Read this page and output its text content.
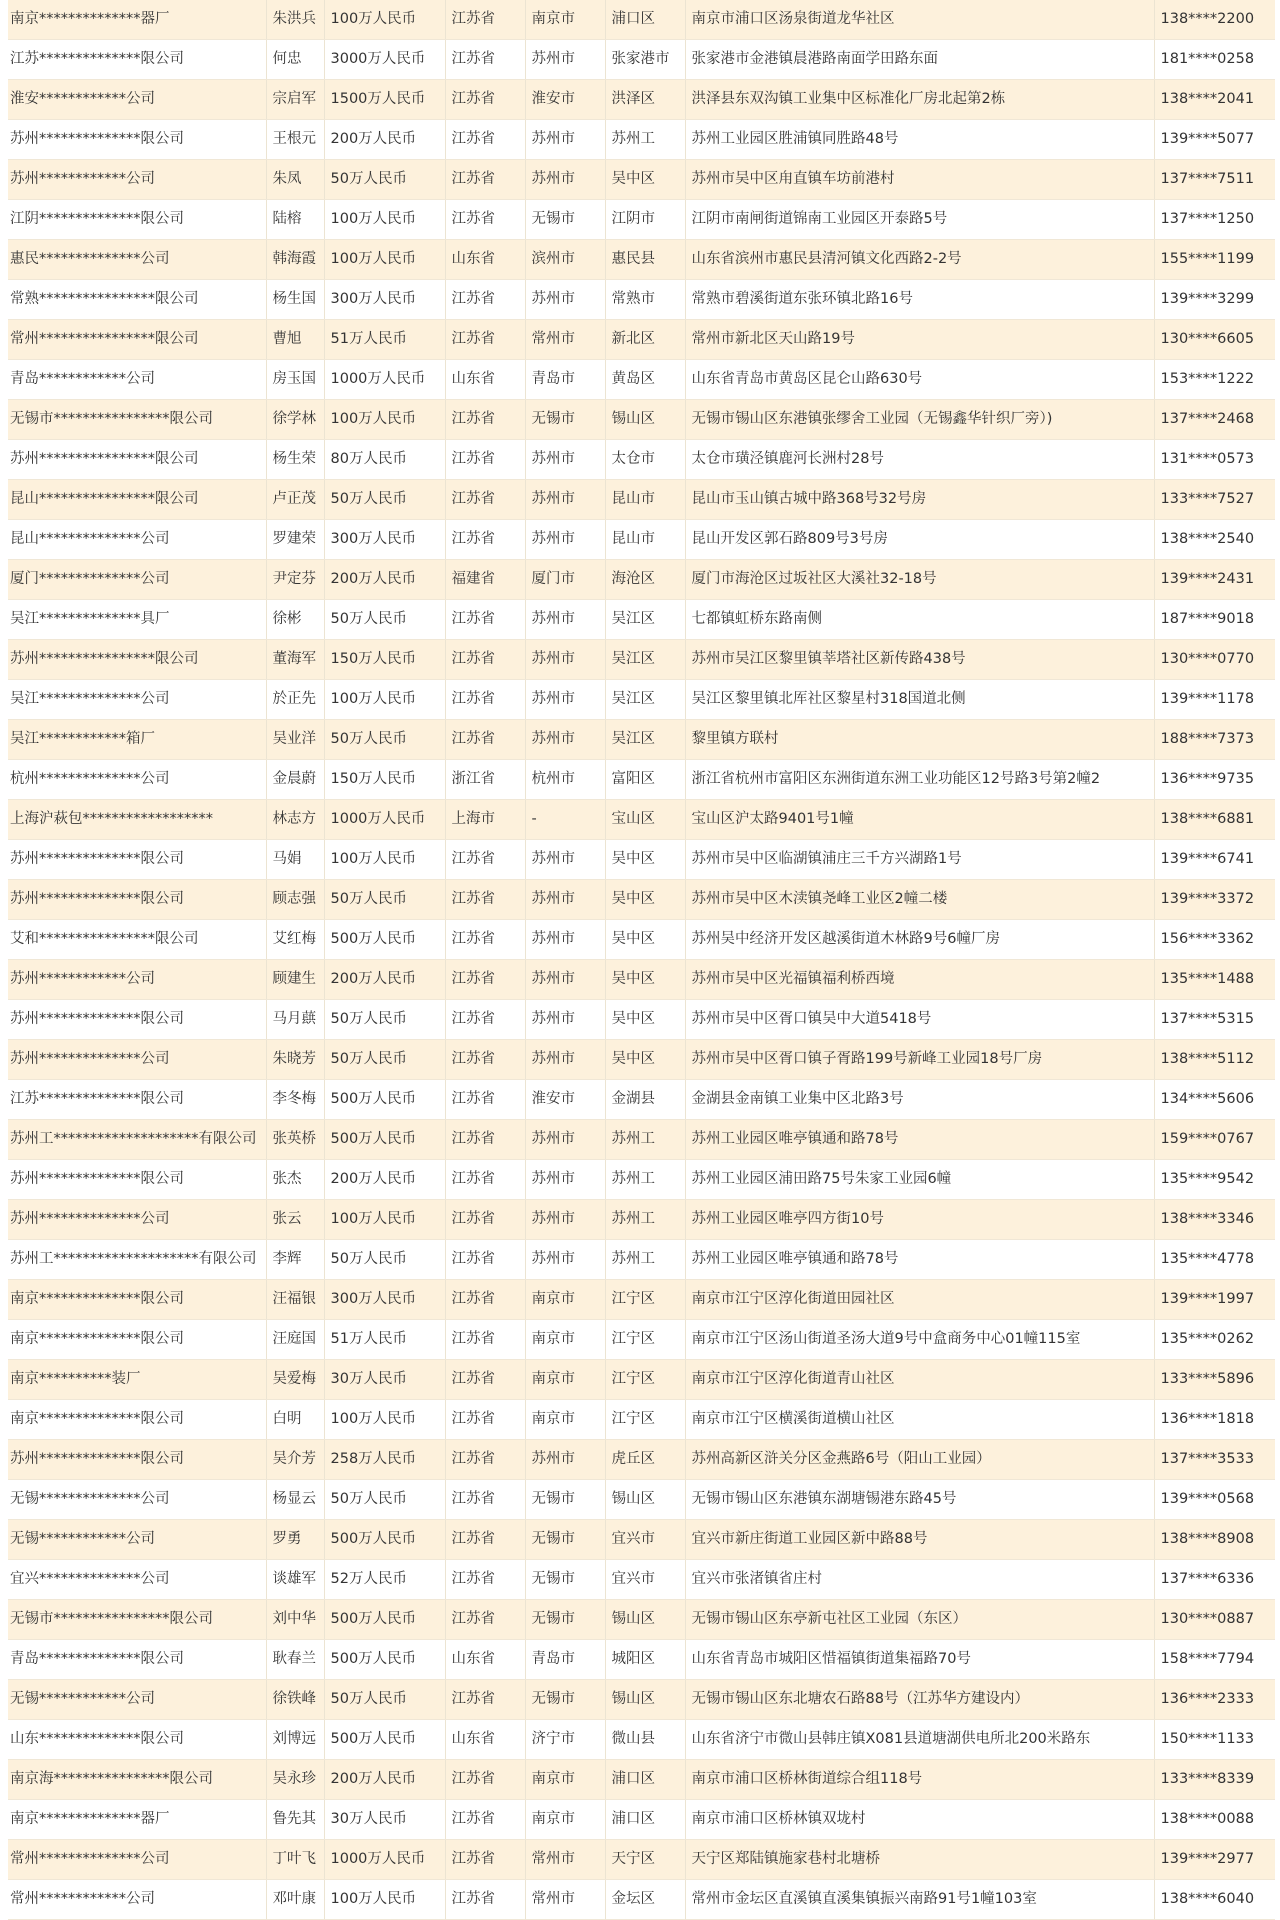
南京**************器厂	朱洪兵	100万人民币	江苏省	南京市	浦口区	南京市浦口区汤泉街道龙华社区	138****2200
江苏**************限公司	何忠	3000万人民币	江苏省	苏州市	张家港市	张家港市金港镇晨港路南面学田路东面	181****0258
淮安************公司	宗启军	1500万人民币	江苏省	淮安市	洪泽区	洪泽县东双沟镇工业集中区标准化厂房北起第2栋	138****2041
苏州**************限公司	王根元	200万人民币	江苏省	苏州市	苏州工	苏州工业园区胜浦镇同胜路48号	139****5077
苏州************公司	朱凤	50万人民币	江苏省	苏州市	吴中区	苏州市吴中区甪直镇车坊前港村	137****7511
江阴**************限公司	陆榕	100万人民币	江苏省	无锡市	江阴市	江阴市南闸街道锦南工业园区开泰路5号	137****1250
惠民**************公司	韩海霞	100万人民币	山东省	滨州市	惠民县	山东省滨州市惠民县清河镇文化西路2-2号	155****1199
常熟****************限公司	杨生国	300万人民币	江苏省	苏州市	常熟市	常熟市碧溪街道东张环镇北路16号	139****3299
常州****************限公司	曹旭	51万人民币	江苏省	常州市	新北区	常州市新北区天山路19号	130****6605
青岛************公司	房玉国	1000万人民币	山东省	青岛市	黄岛区	山东省青岛市黄岛区昆仑山路630号	153****1222
无锡市****************限公司	徐学林	100万人民币	江苏省	无锡市	锡山区	无锡市锡山区东港镇张缪舍工业园（无锡鑫华针织厂旁）)	137****2468
苏州****************限公司	杨生荣	80万人民币	江苏省	苏州市	太仓市	太仓市璜泾镇鹿河长洲村28号	131****0573
昆山****************限公司	卢正茂	50万人民币	江苏省	苏州市	昆山市	昆山市玉山镇古城中路368号32号房	133****7527
昆山**************公司	罗建荣	300万人民币	江苏省	苏州市	昆山市	昆山开发区郭石路809号3号房	138****2540
厦门**************公司	尹定芬	200万人民币	福建省	厦门市	海沧区	厦门市海沧区过坂社区大溪社32-18号	139****2431
吴江**************具厂	徐彬	50万人民币	江苏省	苏州市	吴江区	七都镇虹桥东路南侧	187****9018
苏州****************限公司	董海军	150万人民币	江苏省	苏州市	吴江区	苏州市吴江区黎里镇莘塔社区新传路438号	130****0770
吴江**************公司	於正先	100万人民币	江苏省	苏州市	吴江区	吴江区黎里镇北厍社区黎星村318国道北侧	139****1178
吴江************箱厂	吴业洋	50万人民币	江苏省	苏州市	吴江区	黎里镇方联村	188****7373
杭州**************公司	金晨蔚	150万人民币	浙江省	杭州市	富阳区	浙江省杭州市富阳区东洲街道东洲工业功能区12号路3号第2幢2	136****9735
上海沪萩包******************	林志方	1000万人民币	上海市	-	宝山区	宝山区沪太路9401号1幢	138****6881
苏州**************限公司	马娟	100万人民币	江苏省	苏州市	吴中区	苏州市吴中区临湖镇浦庄三千方兴湖路1号	139****6741
苏州**************限公司	顾志强	50万人民币	江苏省	苏州市	吴中区	苏州市吴中区木渎镇尧峰工业区2幢二楼	139****3372
艾和****************限公司	艾红梅	500万人民币	江苏省	苏州市	吴中区	苏州吴中经济开发区越溪街道木林路9号6幢厂房	156****3362
苏州************公司	顾建生	200万人民币	江苏省	苏州市	吴中区	苏州市吴中区光福镇福利桥西境	135****1488
苏州**************限公司	马月蕻	50万人民币	江苏省	苏州市	吴中区	苏州市吴中区胥口镇吴中大道5418号	137****5315
苏州**************公司	朱晓芳	50万人民币	江苏省	苏州市	吴中区	苏州市吴中区胥口镇子胥路199号新峰工业园18号厂房	138****5112
江苏**************限公司	李冬梅	500万人民币	江苏省	淮安市	金湖县	金湖县金南镇工业集中区北路3号	134****5606
苏州工********************有限公司	张英桥	500万人民币	江苏省	苏州市	苏州工	苏州工业园区唯亭镇通和路78号	159****0767
苏州**************限公司	张杰	200万人民币	江苏省	苏州市	苏州工	苏州工业园区浦田路75号朱家工业园6幢	135****9542
苏州**************公司	张云	100万人民币	江苏省	苏州市	苏州工	苏州工业园区唯亭四方街10号	138****3346
苏州工********************有限公司	李辉	50万人民币	江苏省	苏州市	苏州工	苏州工业园区唯亭镇通和路78号	135****4778
南京**************限公司	汪福银	300万人民币	江苏省	南京市	江宁区	南京市江宁区淳化街道田园社区	139****1997
南京**************限公司	汪庭国	51万人民币	江苏省	南京市	江宁区	南京市江宁区汤山街道圣汤大道9号中盒商务中心01幢115室	135****0262
南京**********装厂	吴爱梅	30万人民币	江苏省	南京市	江宁区	南京市江宁区淳化街道青山社区	133****5896
南京**************限公司	白明	100万人民币	江苏省	南京市	江宁区	南京市江宁区横溪街道横山社区	136****1818
苏州**************限公司	吴介芳	258万人民币	江苏省	苏州市	虎丘区	苏州高新区浒关分区金燕路6号（阳山工业园）	137****3533
无锡**************公司	杨显云	50万人民币	江苏省	无锡市	锡山区	无锡市锡山区东港镇东湖塘锡港东路45号	139****0568
无锡************公司	罗勇	500万人民币	江苏省	无锡市	宜兴市	宜兴市新庄街道工业园区新中路88号	138****8908
宜兴**************公司	谈雄军	52万人民币	江苏省	无锡市	宜兴市	宜兴市张渚镇省庄村	137****6336
无锡市****************限公司	刘中华	500万人民币	江苏省	无锡市	锡山区	无锡市锡山区东亭新屯社区工业园（东区）	130****0887
青岛**************限公司	耿春兰	500万人民币	山东省	青岛市	城阳区	山东省青岛市城阳区惜福镇街道集福路70号	158****7794
无锡************公司	徐铁峰	50万人民币	江苏省	无锡市	锡山区	无锡市锡山区东北塘农石路88号（江苏华方建设内）	136****2333
山东**************限公司	刘博远	500万人民币	山东省	济宁市	微山县	山东省济宁市微山县韩庄镇X081县道塘湖供电所北200米路东	150****1133
南京海****************限公司	吴永珍	200万人民币	江苏省	南京市	浦口区	南京市浦口区桥林街道综合组118号	133****8339
南京**************器厂	鲁先其	30万人民币	江苏省	南京市	浦口区	南京市浦口区桥林镇双垅村	138****0088
常州**************公司	丁叶飞	1000万人民币	江苏省	常州市	天宁区	天宁区郑陆镇施家巷村北塘桥	139****2977
常州************公司	邓叶康	100万人民币	江苏省	常州市	金坛区	常州市金坛区直溪镇直溪集镇振兴南路91号1幢103室	138****6040
